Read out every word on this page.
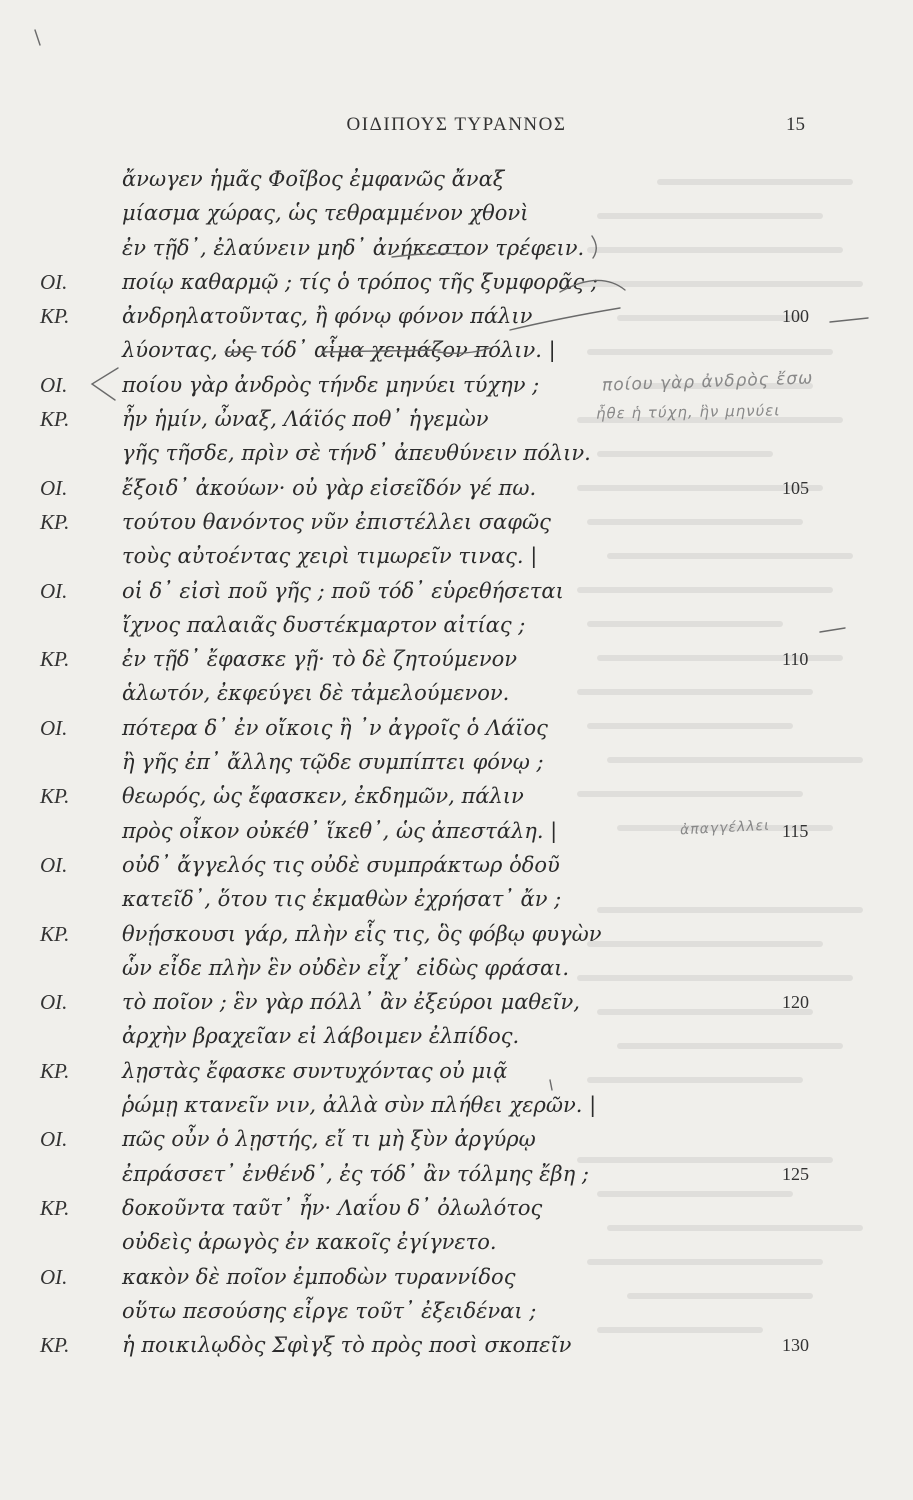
ΟΙΔΙΠΟΥΣ ΤΥΡΑΝΝΟΣ	15
ἄνωγεν ἡμᾶς Φοῖβος ἐμφανῶς ἄναξ
μίασμα χώρας, ὡς τεθραμμένον χθονὶ
ἐν τῇδ᾽, ἐλαύνειν μηδ᾽ ἀνήκεστον τρέφειν.
ΟΙ.	ποίῳ καθαρμῷ ; τίς ὁ τρόπος τῆς ξυμφορᾶς ;
ΚΡ.	ἀνδρηλατοῦντας, ἢ φόνῳ φόνον πάλιν	100
λύοντας, ὡς τόδ᾽ αἷμα χειμάζον πόλιν. |
ΟΙ.	ποίου γὰρ ἀνδρὸς τήνδε μηνύει τύχην ;
ΚΡ.	ἦν ἡμίν, ὦναξ, Λάϊός ποθ᾽ ἡγεμὼν
γῆς τῆσδε, πρὶν σὲ τήνδ᾽ ἀπευθύνειν πόλιν.
ΟΙ.	ἔξοιδ᾽ ἀκούων· οὐ γὰρ εἰσεῖδόν γέ πω.	105
ΚΡ.	τούτου θανόντος νῦν ἐπιστέλλει σαφῶς
τοὺς αὐτοέντας χειρὶ τιμωρεῖν τινας. |
ΟΙ.	οἱ δ᾽ εἰσὶ ποῦ γῆς ; ποῦ τόδ᾽ εὑρεθήσεται
ἴχνος παλαιᾶς δυστέκμαρτον αἰτίας ;
ΚΡ.	ἐν τῇδ᾽ ἔφασκε γῇ· τὸ δὲ ζητούμενον	110
ἁλωτόν, ἐκφεύγει δὲ τἀμελούμενον.
ΟΙ.	πότερα δ᾽ ἐν οἴκοις ἢ ᾽ν ἀγροῖς ὁ Λάϊος
ἢ γῆς ἐπ᾽ ἄλλης τῷδε συμπίπτει φόνῳ ;
ΚΡ.	θεωρός, ὡς ἔφασκεν, ἐκδημῶν, πάλιν
πρὸς οἶκον οὐκέθ᾽ ἵκεθ᾽, ὡς ἀπεστάλη. |	115
ΟΙ.	οὐδ᾽ ἄγγελός τις οὐδὲ συμπράκτωρ ὁδοῦ
κατεῖδ᾽, ὅτου τις ἐκμαθὼν ἐχρήσατ᾽ ἄν ;
ΚΡ.	θνῄσκουσι γάρ, πλὴν εἷς τις, ὃς φόβῳ φυγὼν
ὧν εἶδε πλὴν ἓν οὐδὲν εἶχ᾽ εἰδὼς φράσαι.
ΟΙ.	τὸ ποῖον ; ἓν γὰρ πόλλ᾽ ἂν ἐξεύροι μαθεῖν,	120
ἀρχὴν βραχεῖαν εἰ λάβοιμεν ἐλπίδος.
ΚΡ.	λῃστὰς ἔφασκε συντυχόντας οὐ μιᾷ
ῥώμῃ κτανεῖν νιν, ἀλλὰ σὺν πλήθει χερῶν. |
ΟΙ.	πῶς οὖν ὁ λῃστής, εἴ τι μὴ ξὺν ἀργύρῳ
ἐπράσσετ᾽ ἐνθένδ᾽, ἐς τόδ᾽ ἂν τόλμης ἔβη ;	125
ΚΡ.	δοκοῦντα ταῦτ᾽ ἦν· Λαΐου δ᾽ ὀλωλότος
οὐδεὶς ἀρωγὸς ἐν κακοῖς ἐγίγνετο.
ΟΙ.	κακὸν δὲ ποῖον ἐμποδὼν τυραννίδος
οὕτω πεσούσης εἶργε τοῦτ᾽ ἐξειδέναι ;
ΚΡ.	ἡ ποικιλῳδὸς Σφὶγξ τὸ πρὸς ποσὶ σκοπεῖν	130
ποίου γὰρ ἀνδρὸς ἔσω
ἦθε ἡ τύχη, ἣν μηνύει
ἀπαγγέλλει
